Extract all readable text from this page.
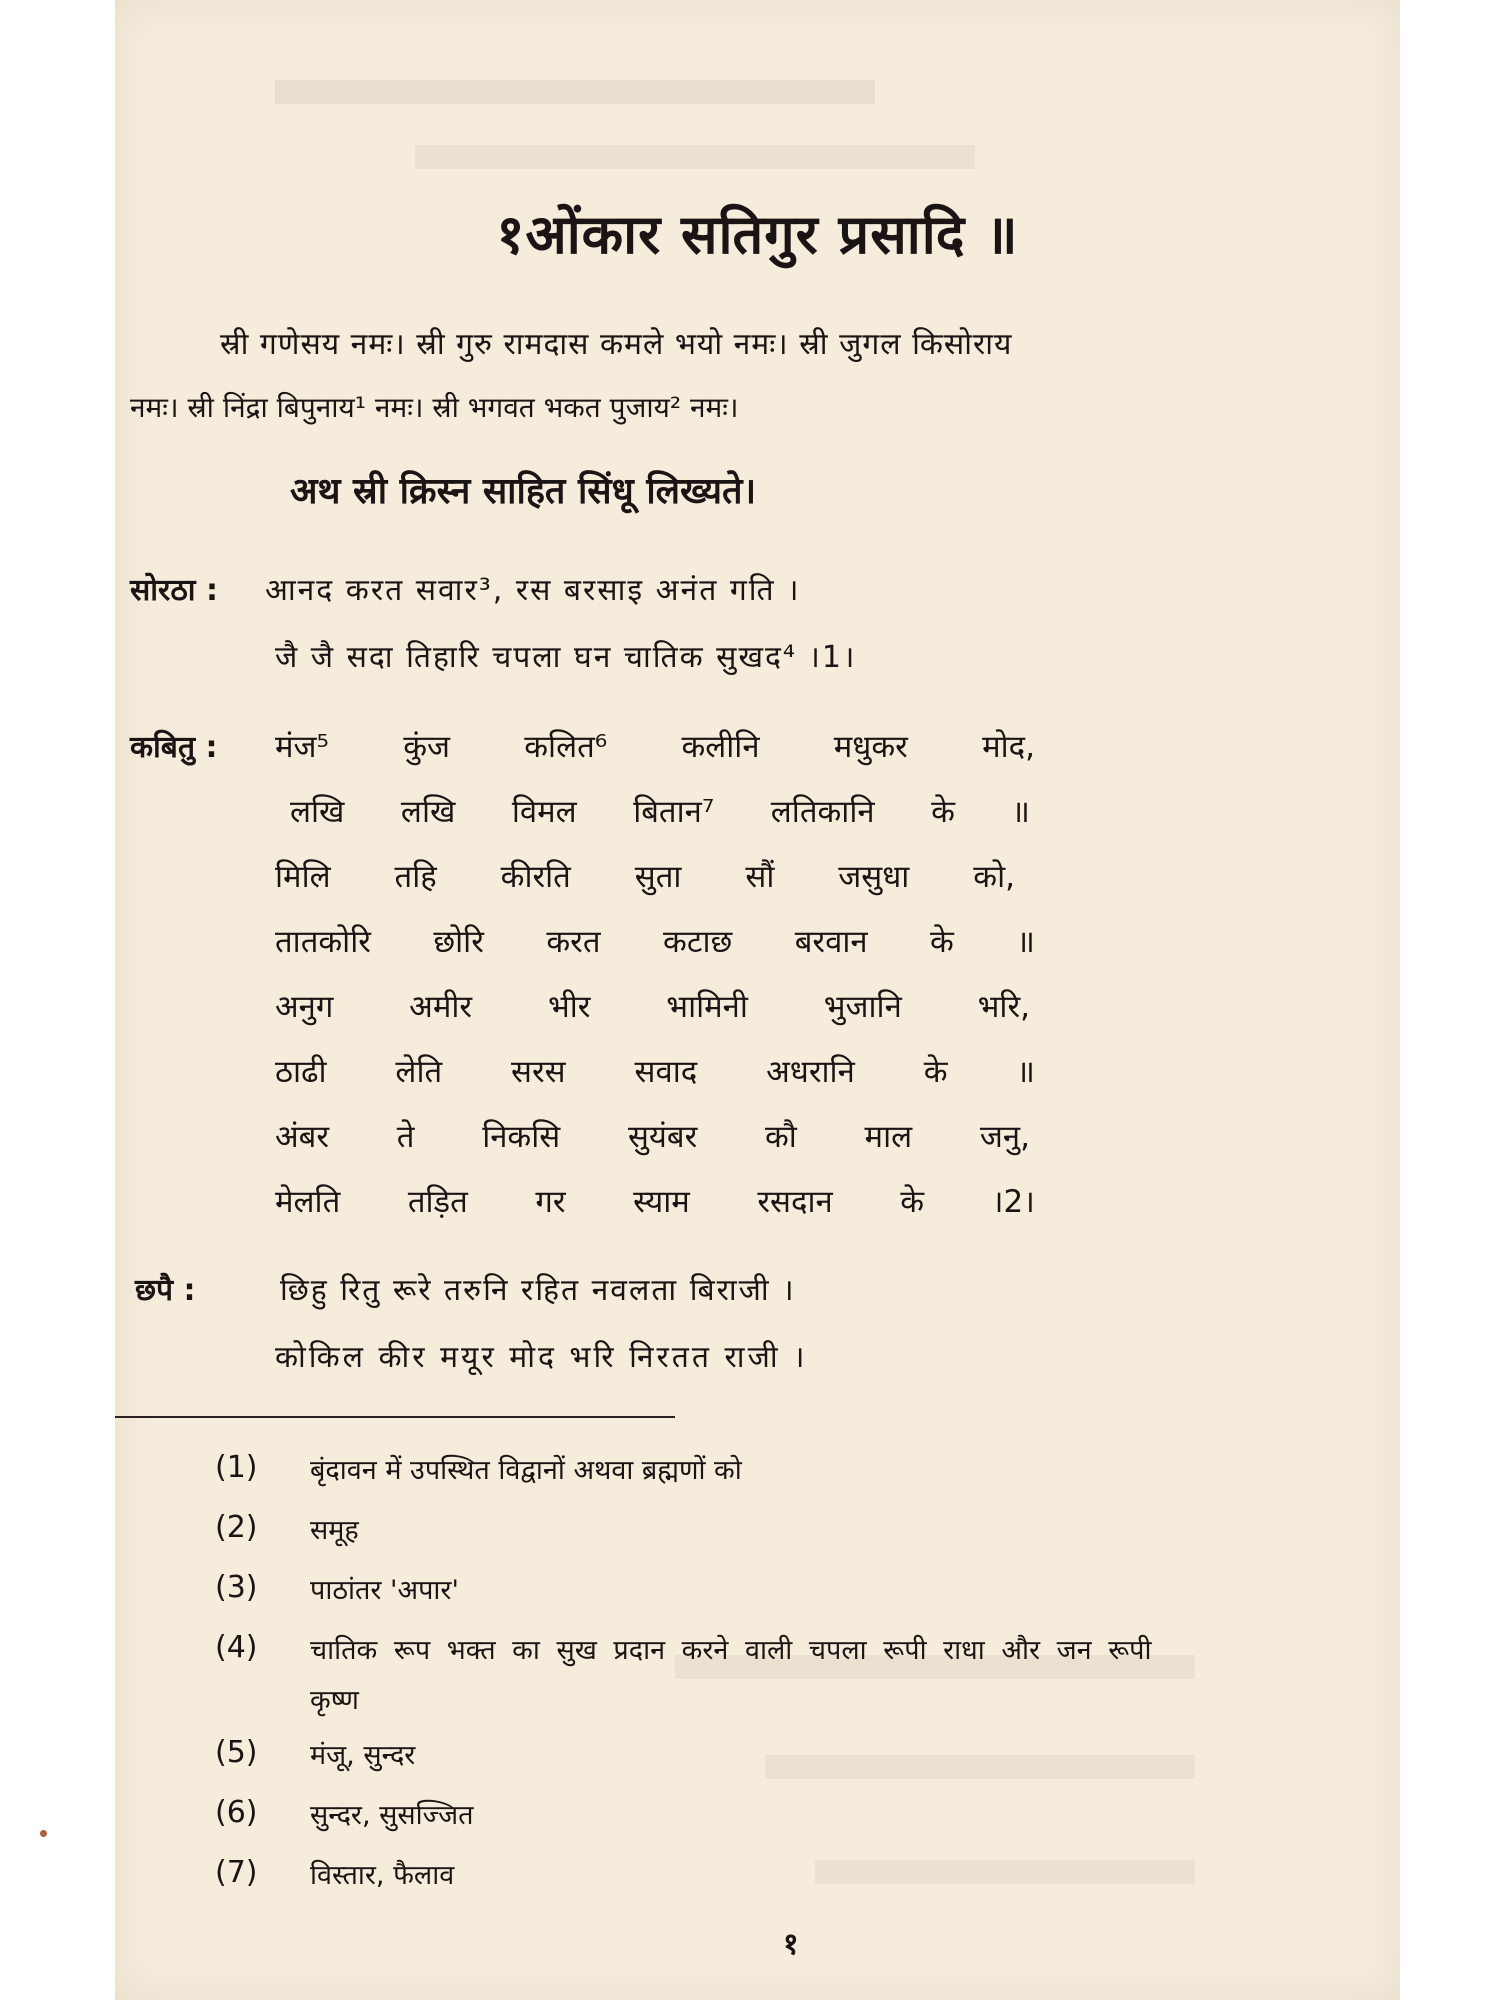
१ओंकार सतिगुर प्रसादि ॥
स्री गणेसय नमः। स्री गुरु रामदास कमले भयो नमः। स्री जुगल किसोराय
नमः। स्री निंद्रा बिपुनाय¹ नमः। स्री भगवत भकत पुजाय² नमः।
अथ स्री क्रिस्न साहित सिंधू लिख्यते।
सोरठा : आनद करत सवार³, रस बरसाइ अनंत गति ।
जै जै सदा तिहारि चपला घन चातिक सुखद⁴ ।1।
कबितु : मंज⁵ कुंज कलित⁶ कलीनि मधुकर मोद,
लखि लखि विमल बितान⁷ लतिकानि के ॥
मिलि तहि कीरति सुता सौं जसुधा को,
तातकोरि छोरि करत कटाछ बरवान के ॥
अनुग अमीर भीर भामिनी भुजानि भरि,
ठाढी लेति सरस सवाद अधरानि के ॥
अंबर ते निकसि सुयंबर कौ माल जनु,
मेलति तड़ित गर स्याम रसदान के ।2।
छपै :	छिहु रितु रूरे तरुनि रहित नवलता बिराजी ।
कोकिल कीर मयूर मोद भरि निरतत राजी ।
(1) बृंदावन में उपस्थित विद्वानों अथवा ब्रह्मणों को
(2) समूह
(3) पाठांतर 'अपार'
(4) चातिक रूप भक्त का सुख प्रदान करने वाली चपला रूपी राधा और जन रूपी
कृष्ण
(5) मंजू, सुन्दर
(6) सुन्दर, सुसज्जित
(7) विस्तार, फैलाव
१
